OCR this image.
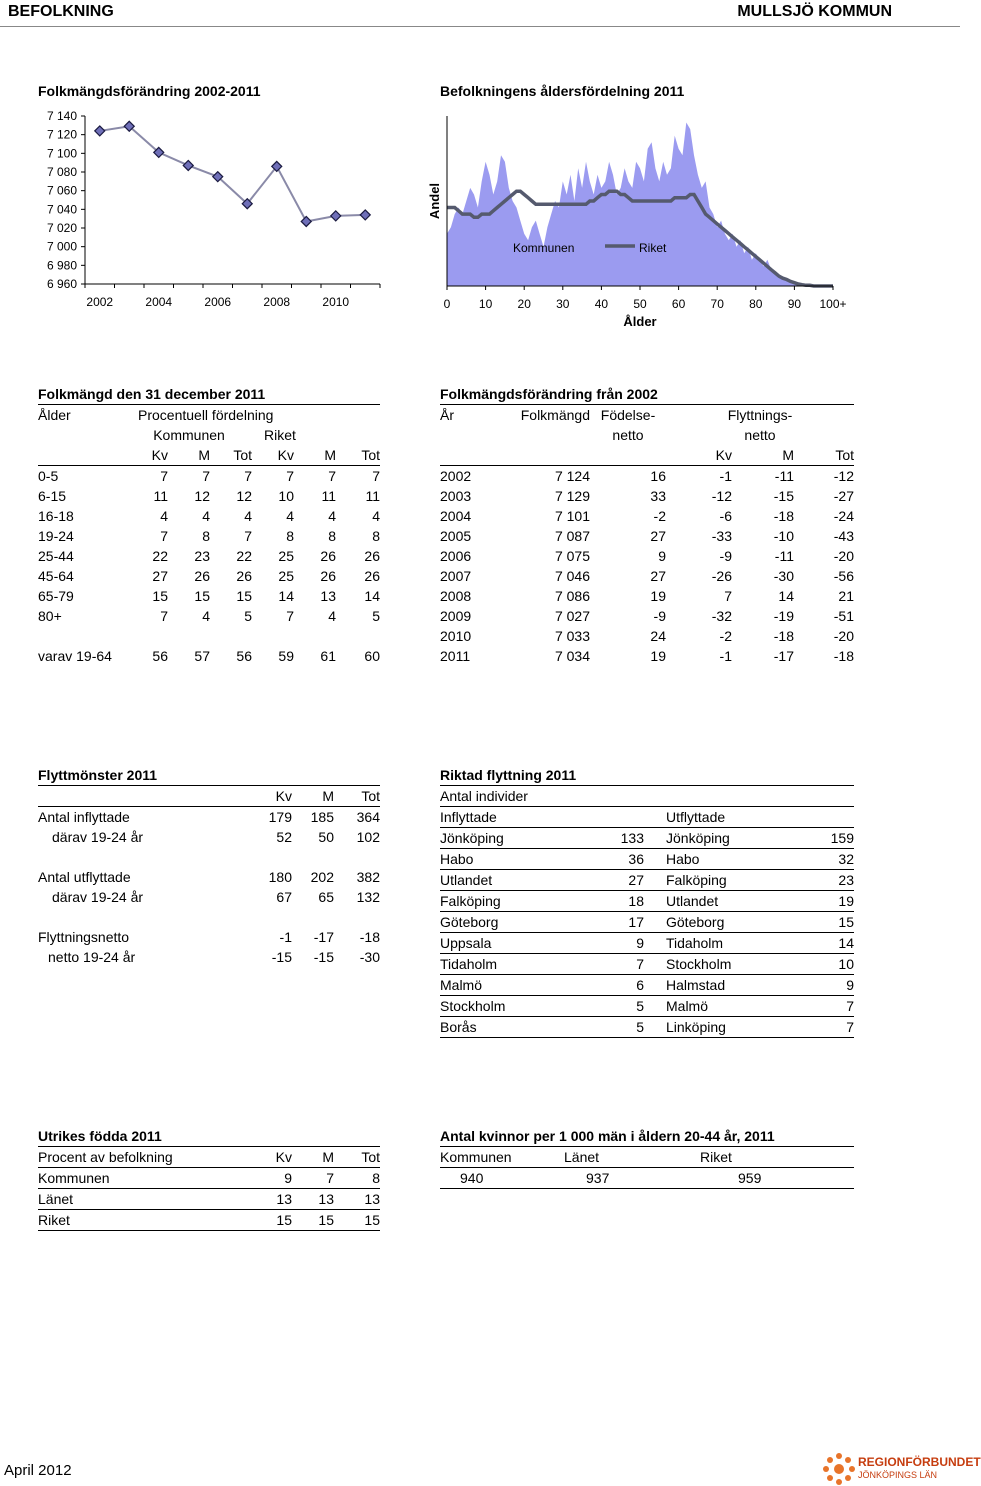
BEFOLKNING	MULLSJÖ KOMMUN
Folkmängdsförändring 2002-2011
7 140
7 120
7 100
7 080
7 060
7 040
7 020
7 000
6 980
6 960
2002	2004	2006	2008	2010
Befolkningens åldersfördelning 2011
Andel
0 10 20 30 40 50 60 70 80 90 100+
Ålder
Kommunen	Riket
Folkmängd den 31 december 2011						
Ålder	Procentuell fördelning					
	Kommunen			Riket		
	Kv	M	Tot	Kv	M	Tot
0-5	7	7	7	7	7	7
6-15	11	12	12	10	11	11
16-18	4	4	4	4	4	4
19-24	7	8	7	8	8	8
25-44	22	23	22	25	26	26
45-64	27	26	26	25	26	26
65-79	15	15	15	14	13	14
80+	7	4	5	7	4	5

varav 19-64	56	57	56	59	61	60
Folkmängdsförändring från 2002					
År	Folkmängd	Födelse-	Flyttnings-		
		netto	netto		
			Kv	M	Tot
2002	7 124	16	-1	-11	-12
2003	7 129	33	-12	-15	-27
2004	7 101	-2	-6	-18	-24
2005	7 087	27	-33	-10	-43
2006	7 075	9	-9	-11	-20
2007	7 046	27	-26	-30	-56
2008	7 086	19	7	14	21
2009	7 027	-9	-32	-19	-51
2010	7 033	24	-2	-18	-20
2011	7 034	19	-1	-17	-18
Flyttmönster 2011			
	Kv	M	Tot
Antal inflyttade	179	185	364
därav 19-24 år	52	50	102

Antal utflyttade	180	202	382
därav 19-24 år	67	65	132

Flyttningsnetto	-1	-17	-18
netto 19-24 år	-15	-15	-30
Riktad flyttning 2011				
Antal individer				
Inflyttade			Utflyttade	
Jönköping	133		Jönköping	159
Habo	36		Habo	32
Utlandet	27		Falköping	23
Falköping	18		Utlandet	19
Göteborg	17		Göteborg	15
Uppsala	9		Tidaholm	14
Tidaholm	7		Stockholm	10
Malmö	6		Halmstad	9
Stockholm	5		Malmö	7
Borås	5		Linköping	7
Utrikes födda 2011			
Procent av befolkning	Kv	M	Tot
Kommunen	9	7	8
Länet	13	13	13
Riket	15	15	15
Antal kvinnor per 1 000 män i åldern 20-44 år, 2011		
Kommunen	Länet	Riket
940	937	959
April 2012	REGIONFÖRBUNDET
JÖNKÖPINGS LÄN
